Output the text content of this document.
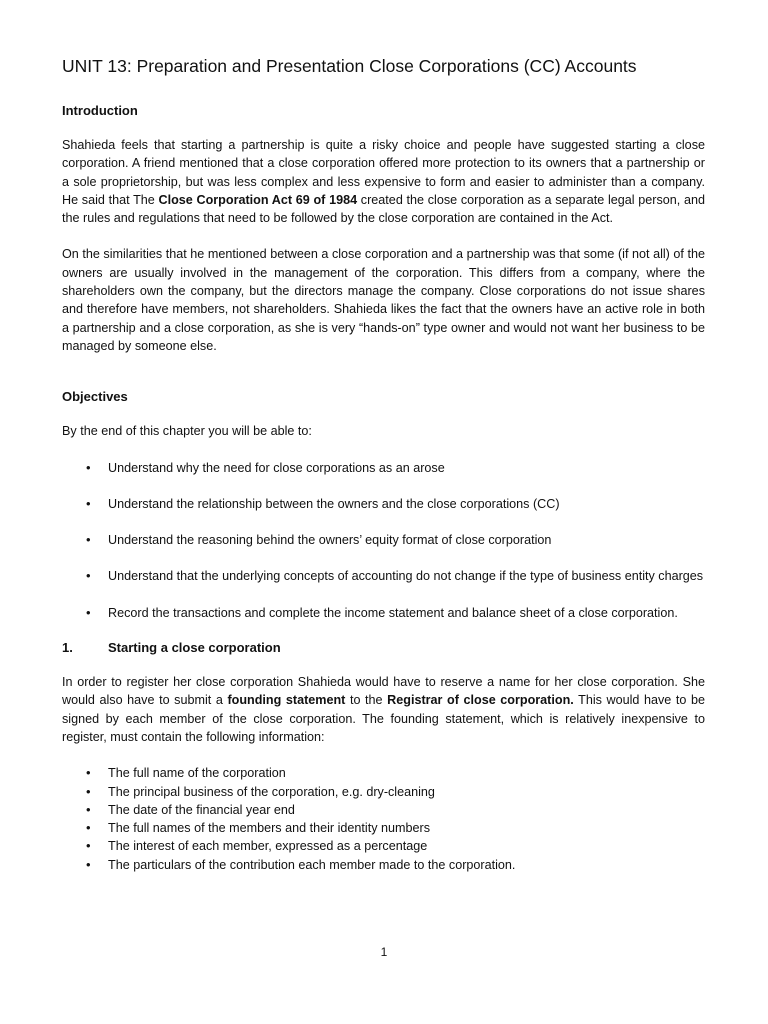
UNIT 13: Preparation and Presentation Close Corporations (CC) Accounts
Introduction

Shahieda feels that starting a partnership is quite a risky choice and people have suggested starting a close corporation. A friend mentioned that a close corporation offered more protection to its owners that a partnership or a sole proprietorship, but was less complex and less expensive to form and easier to administer than a company. He said that The Close Corporation Act 69 of 1984 created the close corporation as a separate legal person, and the rules and regulations that need to be followed by the close corporation are contained in the Act.

On the similarities that he mentioned between a close corporation and a partnership was that some (if not all) of the owners are usually involved in the management of the corporation. This differs from a company, where the shareholders own the company, but the directors manage the company. Close corporations do not issue shares and therefore have members, not shareholders. Shahieda likes the fact that the owners have an active role in both a partnership and a close corporation, as she is very “hands-on” type owner and would not want her business to be managed by someone else.

Objectives

By the end of this chapter you will be able to:

• Understand why the need for close corporations as an arose
• Understand the relationship between the owners and the close corporations (CC)
• Understand the reasoning behind the owners’ equity format of close corporation
• Understand that the underlying concepts of accounting do not change if the type of business entity charges
• Record the transactions and complete the income statement and balance sheet of a close corporation.
1.	Starting a close corporation

In order to register her close corporation Shahieda would have to reserve a name for her close corporation. She would also have to submit a founding statement to the Registrar of close corporation. This would have to be signed by each member of the close corporation. The founding statement, which is relatively inexpensive to register, must contain the following information:

• The full name of the corporation
• The principal business of the corporation, e.g. dry-cleaning
• The date of the financial year end
• The full names of the members and their identity numbers
• The interest of each member, expressed as a percentage
• The particulars of the contribution each member made to the corporation.
1
